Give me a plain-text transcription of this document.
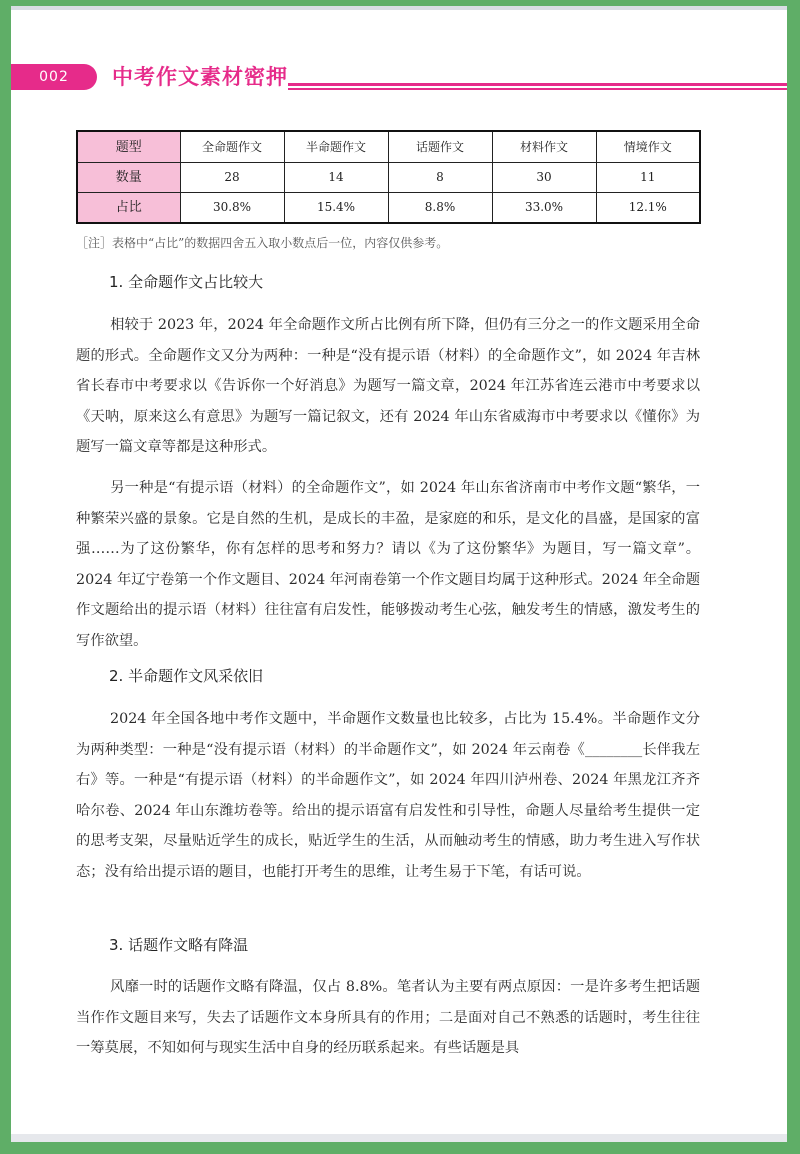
002	中考作文素材密押
题型	全命题作文	半命题作文	话题作文	材料作文	情境作文
数量	28	14	8	30	11
占比	30.8%	15.4%	8.8%	33.0%	12.1%
［注］表格中“占比”的数据四舍五入取小数点后一位，内容仅供参考。
1. 全命题作文占比较大

相较于 2023 年，2024 年全命题作文所占比例有所下降，但仍有三分之一的作文题采用全命题的形式。全命题作文又分为两种：一种是“没有提示语（材料）的全命题作文”，如 2024 年吉林省长春市中考要求以《告诉你一个好消息》为题写一篇文章，2024 年江苏省连云港市中考要求以《天呐，原来这么有意思》为题写一篇记叙文，还有 2024 年山东省威海市中考要求以《懂你》为题写一篇文章等都是这种形式。

另一种是“有提示语（材料）的全命题作文”，如 2024 年山东省济南市中考作文题“繁华，一种繁荣兴盛的景象。它是自然的生机，是成长的丰盈，是家庭的和乐，是文化的昌盛，是国家的富强……为了这份繁华，你有怎样的思考和努力？请以《为了这份繁华》为题目，写一篇文章”。2024 年辽宁卷第一个作文题目、2024 年河南卷第一个作文题目均属于这种形式。2024 年全命题作文题给出的提示语（材料）往往富有启发性，能够拨动考生心弦，触发考生的情感，激发考生的写作欲望。

2. 半命题作文风采依旧

2024 年全国各地中考作文题中，半命题作文数量也比较多，占比为 15.4%。半命题作文分为两种类型：一种是“没有提示语（材料）的半命题作文”，如 2024 年云南卷《________长伴我左右》等。一种是“有提示语（材料）的半命题作文”，如 2024 年四川泸州卷、2024 年黑龙江齐齐哈尔卷、2024 年山东潍坊卷等。给出的提示语富有启发性和引导性，命题人尽量给考生提供一定的思考支架，尽量贴近学生的成长，贴近学生的生活，从而触动考生的情感，助力考生进入写作状态；没有给出提示语的题目，也能打开考生的思维，让考生易于下笔，有话可说。

3. 话题作文略有降温

风靡一时的话题作文略有降温，仅占 8.8%。笔者认为主要有两点原因：一是许多考生把话题当作作文题目来写，失去了话题作文本身所具有的作用；二是面对自己不熟悉的话题时，考生往往一筹莫展，不知如何与现实生活中自身的经历联系起来。有些话题是具
